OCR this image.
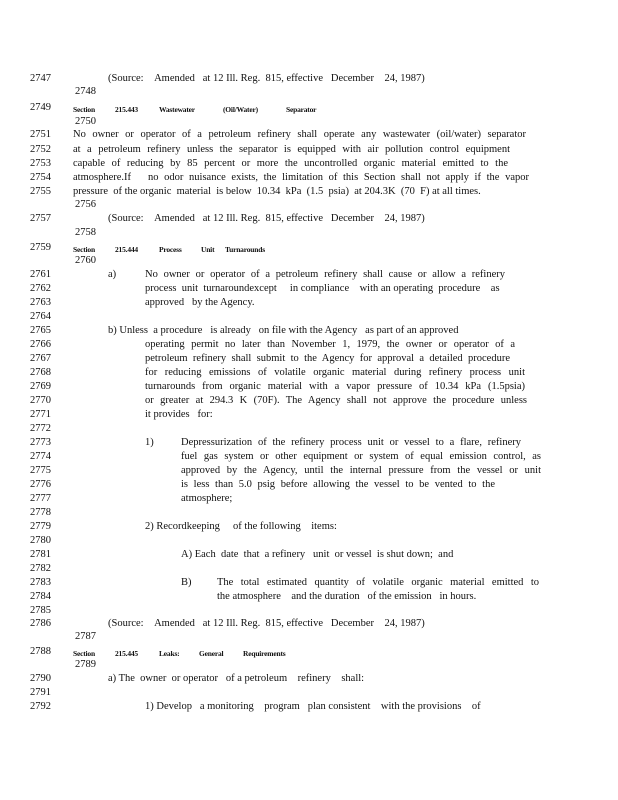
2747	(Source:    Amended   at 12 Ill. Reg.  815, effective   December    24, 1987)
2748
2749	Section	215.443	Wastewater	(Oil/Water)	Separator
2750
2751	No owner or operator of a petroleum refinery shall operate any wastewater (oil/water) separator
2752	at a petroleum refinery unless the separator is equipped with air pollution control equipment
2753	capable of reducing by 85 percent or more the uncontrolled organic material emitted to the
2754	atmosphere.If   no odor nuisance exists, the limitation of this Section shall not apply if the vapor
2755	pressure  of the organic  material  is below  10.34  kPa  (1.5  psia)  at 204.3K  (70  F) at all times.
2756
2757	(Source:    Amended   at 12 Ill. Reg.  815, effective   December    24, 1987)
2758
2759	Section	215.444	Process	Unit Turnarounds
2760
2761	a)	No owner or operator of a petroleum refinery shall cause or allow a refinery
2762	process  unit  turnaroundexcept     in compliance    with an operating  procedure    as
2763	approved   by the Agency.
2764
2765	b) Unless  a procedure   is already   on file with the Agency   as part of an approved
2766	operating permit no later than November 1, 1979, the owner or operator of a
2767	petroleum refinery shall submit to the Agency for approval a detailed procedure
2768	for reducing emissions of volatile organic material during refinery process unit
2769	turnarounds from organic material with a vapor pressure of 10.34 kPa (1.5psia)
2770	or greater at 294.3 K (70F). The Agency shall not approve the procedure unless
2771	it provides   for:
2772
2773	1)	Depressurization of the refinery process unit or vessel to a flare, refinery
2774	fuel gas system or other equipment or system of equal emission control, as
2775	approved by the Agency, until the internal pressure from the vessel or unit
2776	is less than 5.0 psig before allowing the vessel to be vented to the
2777	atmosphere;
2778
2779	2) Recordkeeping     of the following    items:
2780
2781	A) Each  date  that  a refinery   unit  or vessel  is shut down;  and
2782
2783	B) The total estimated quantity of volatile organic material emitted to
2784	the atmosphere    and the duration   of the emission   in hours.
2785
2786	(Source:    Amended   at 12 Ill. Reg.  815, effective   December    24, 1987)
2787
2788	Section	215.445	Leaks:	General	Requirements
2789
2790	a) The  owner  or operator   of a petroleum    refinery    shall:
2791
2792	1) Develop   a monitoring    program   plan consistent    with the provisions    of
